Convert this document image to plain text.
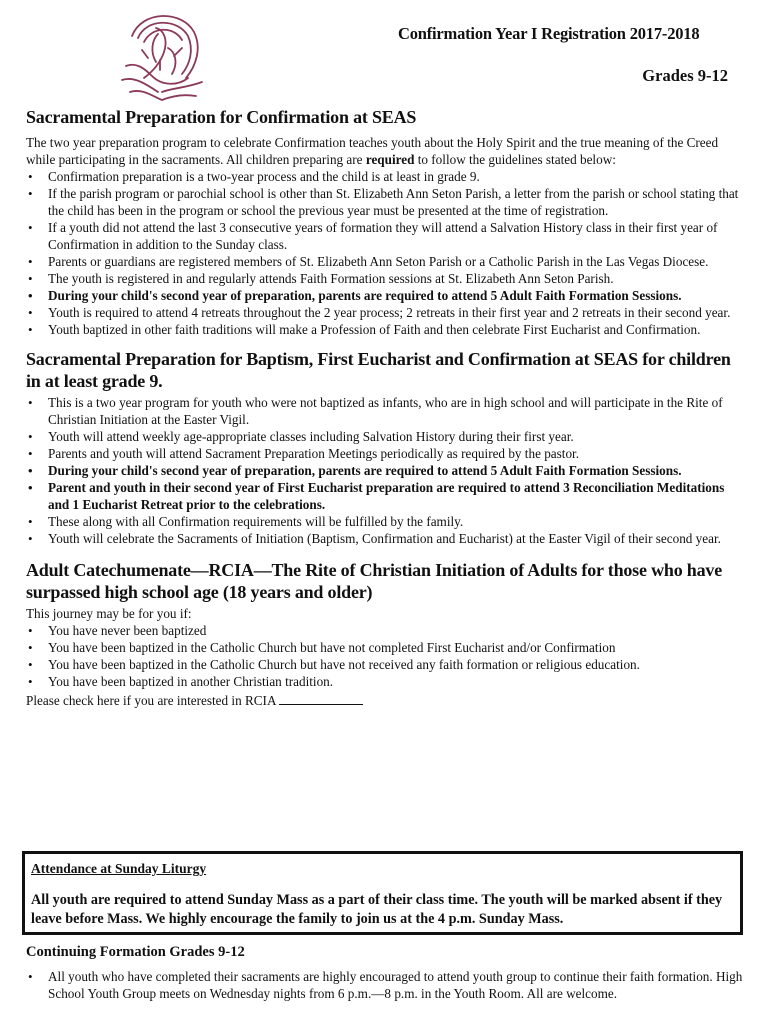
Confirmation Year I Registration 2017-2018
Grades 9-12
Sacramental Preparation for Confirmation at SEAS

The two year preparation program to celebrate Confirmation teaches youth about the Holy Spirit and the true meaning of the Creed while participating in the sacraments. All children preparing are required to follow the guidelines stated below:

• Confirmation preparation is a two-year process and the child is at least in grade 9.
• If the parish program or parochial school is other than St. Elizabeth Ann Seton Parish, a letter from the parish or school stating that the child has been in the program or school the previous year must be presented at the time of registration.
• If a youth did not attend the last 3 consecutive years of formation they will attend a Salvation History class in their first year of Confirmation in addition to the Sunday class.
• Parents or guardians are registered members of St. Elizabeth Ann Seton Parish or a Catholic Parish in the Las Vegas Diocese.
• The youth is registered in and regularly attends Faith Formation sessions at St. Elizabeth Ann Seton Parish.
• During your child's second year of preparation, parents are required to attend 5 Adult Faith Formation Sessions.
• Youth is required to attend 4 retreats throughout the 2 year process; 2 retreats in their first year and 2 retreats in their second year.
• Youth baptized in other faith traditions will make a Profession of Faith and then celebrate First Eucharist and Confirmation.
Sacramental Preparation for Baptism, First Eucharist and Confirmation at SEAS for children in at least grade 9.
• This is a two year program for youth who were not baptized as infants, who are in high school and will participate in the Rite of Christian Initiation at the Easter Vigil.
• Youth will attend weekly age-appropriate classes including Salvation History during their first year.
• Parents and youth will attend Sacrament Preparation Meetings periodically as required by the pastor.
• During your child's second year of preparation, parents are required to attend 5 Adult Faith Formation Sessions.
• Parent and youth in their second year of First Eucharist preparation are required to attend 3 Reconciliation Meditations and 1 Eucharist Retreat prior to the celebrations.
• These along with all Confirmation requirements will be fulfilled by the family.
• Youth will celebrate the Sacraments of Initiation (Baptism, Confirmation and Eucharist) at the Easter Vigil of their second year.
Adult Catechumenate—RCIA—The Rite of Christian Initiation of Adults for those who have surpassed high school age (18 years and older)

This journey may be for you if:

• You have never been baptized
• You have been baptized in the Catholic Church but have not completed First Eucharist and/or Confirmation
• You have been baptized in the Catholic Church but have not received any faith formation or religious education.
• You have been baptized in another Christian tradition.

Please check here if you are interested in RCIA

Attendance at Sunday Liturgy
All youth are required to attend Sunday Mass as a part of their class time. The youth will be marked absent if they leave before Mass. We highly encourage the family to join us at the 4 p.m. Sunday Mass.
Continuing Formation Grades 9-12
• All youth who have completed their sacraments are highly encouraged to attend youth group to continue their faith formation. High School Youth Group meets on Wednesday nights from 6 p.m.—8 p.m. in the Youth Room. All are welcome.
